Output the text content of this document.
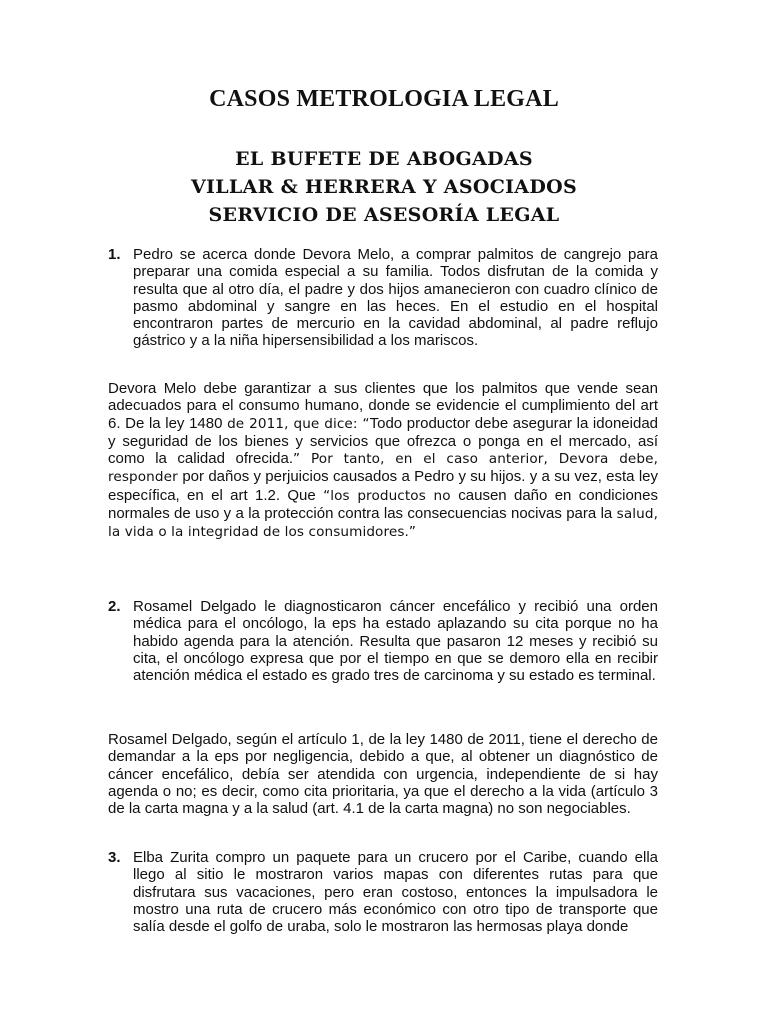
CASOS METROLOGIA LEGAL
EL BUFETE DE ABOGADAS
VILLAR & HERRERA Y ASOCIADOS
SERVICIO DE ASESORÍA LEGAL
1. Pedro se acerca donde Devora Melo, a comprar palmitos de cangrejo para preparar una comida especial a su familia. Todos disfrutan de la comida y resulta que al otro día, el padre y dos hijos amanecieron con cuadro clínico de pasmo abdominal y sangre en las heces. En el estudio en el hospital encontraron partes de mercurio en la cavidad abdominal, al padre reflujo gástrico y a la niña hipersensibilidad a los mariscos.
Devora Melo debe garantizar a sus clientes que los palmitos que vende sean adecuados para el consumo humano, donde se evidencie el cumplimiento del art 6. De la ley 1480 de 2011, que dice: “Todo productor debe asegurar la idoneidad y seguridad de los bienes y servicios que ofrezca o ponga en el mercado, así como la calidad ofrecida.” Por tanto, en el caso anterior, Devora debe, responder por daños y perjuicios causados a Pedro y su hijos. y a su vez, esta ley específica, en el art 1.2. Que “los productos no causen daño en condiciones normales de uso y a la protección contra las consecuencias nocivas para la salud, la vida o la integridad de los consumidores.”
2. Rosamel Delgado le diagnosticaron cáncer encefálico y recibió una orden médica para el oncólogo, la eps ha estado aplazando su cita porque no ha habido agenda para la atención. Resulta que pasaron 12 meses y recibió su cita, el oncólogo expresa que por el tiempo en que se demoro ella en recibir atención médica el estado es grado tres de carcinoma y su estado es terminal.
Rosamel Delgado, según el artículo 1, de la ley 1480 de 2011, tiene el derecho de demandar a la eps por negligencia, debido a que, al obtener un diagnóstico de cáncer encefálico, debía ser atendida con urgencia, independiente de si hay agenda o no; es decir, como cita prioritaria, ya que el derecho a la vida (artículo 3 de la carta magna y a la salud (art. 4.1 de la carta magna) no son negociables.
3. Elba Zurita compro un paquete para un crucero por el Caribe, cuando ella llego al sitio le mostraron varios mapas con diferentes rutas para que disfrutara sus vacaciones, pero eran costoso, entonces la impulsadora le mostro una ruta de crucero más económico con otro tipo de transporte que salía desde el golfo de uraba, solo le mostraron las hermosas playa donde
